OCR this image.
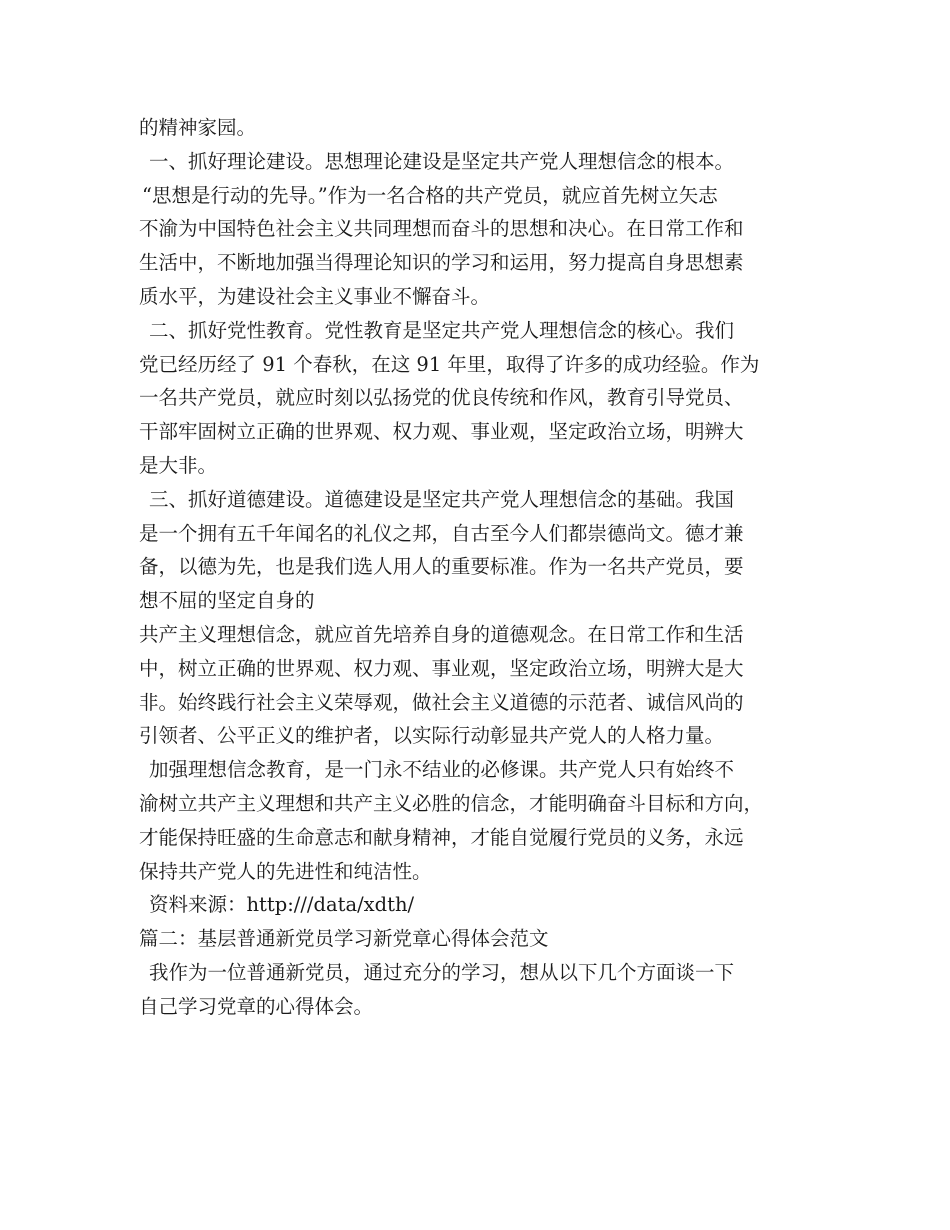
的精神家园。
一、抓好理论建设。思想理论建设是坚定共产党人理想信念的根本。
“思想是行动的先导。”作为一名合格的共产党员，就应首先树立矢志
不渝为中国特色社会主义共同理想而奋斗的思想和决心。在日常工作和
生活中，不断地加强当得理论知识的学习和运用，努力提高自身思想素
质水平，为建设社会主义事业不懈奋斗。
二、抓好党性教育。党性教育是坚定共产党人理想信念的核心。我们
党已经历经了 91 个春秋，在这 91 年里，取得了许多的成功经验。作为
一名共产党员，就应时刻以弘扬党的优良传统和作风，教育引导党员、
干部牢固树立正确的世界观、权力观、事业观，坚定政治立场，明辨大
是大非。
三、抓好道德建设。道德建设是坚定共产党人理想信念的基础。我国
是一个拥有五千年闻名的礼仪之邦，自古至今人们都崇德尚文。德才兼
备，以德为先，也是我们选人用人的重要标准。作为一名共产党员，要
想不屈的坚定自身的
共产主义理想信念，就应首先培养自身的道德观念。在日常工作和生活
中，树立正确的世界观、权力观、事业观，坚定政治立场，明辨大是大
非。始终践行社会主义荣辱观，做社会主义道德的示范者、诚信风尚的
引领者、公平正义的维护者，以实际行动彰显共产党人的人格力量。
加强理想信念教育，是一门永不结业的必修课。共产党人只有始终不
渝树立共产主义理想和共产主义必胜的信念，才能明确奋斗目标和方向，
才能保持旺盛的生命意志和献身精神，才能自觉履行党员的义务，永远
保持共产党人的先进性和纯洁性。
资料来源：http:///data/xdth/
篇二：基层普通新党员学习新党章心得体会范文
我作为一位普通新党员，通过充分的学习，想从以下几个方面谈一下
自己学习党章的心得体会。
